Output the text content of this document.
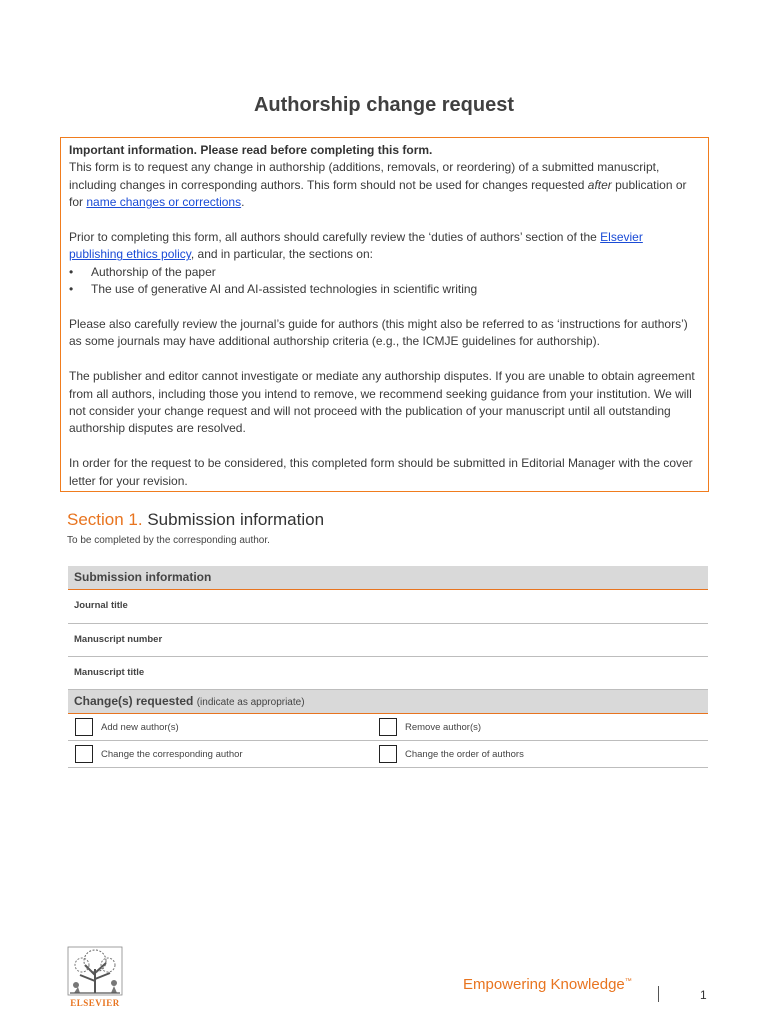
Authorship change request

Important information. Please read before completing this form.
This form is to request any change in authorship (additions, removals, or reordering) of a submitted manuscript, including changes in corresponding authors. This form should not be used for changes requested after publication or for name changes or corrections.

Prior to completing this form, all authors should carefully review the ‘duties of authors’ section of the Elsevier publishing ethics policy, and in particular, the sections on:

• Authorship of the paper
• The use of generative AI and AI-assisted technologies in scientific writing

Please also carefully review the journal’s guide for authors (this might also be referred to as ‘instructions for authors’) as some journals may have additional authorship criteria (e.g., the ICMJE guidelines for authorship).

The publisher and editor cannot investigate or mediate any authorship disputes. If you are unable to obtain agreement from all authors, including those you intend to remove, we recommend seeking guidance from your institution. We will not consider your change request and will not proceed with the publication of your manuscript until all outstanding authorship disputes are resolved.

In order for the request to be considered, this completed form should be submitted in Editorial Manager with the cover letter for your revision.

Section 1. Submission information
To be completed by the corresponding author.
Submission information
Journal title
Manuscript number
Manuscript title
Change(s) requested (indicate as appropriate)
Add new author(s)	Remove author(s)
Change the corresponding author	Change the order of authors
ELSEVIER
Empowering Knowledge™
1
